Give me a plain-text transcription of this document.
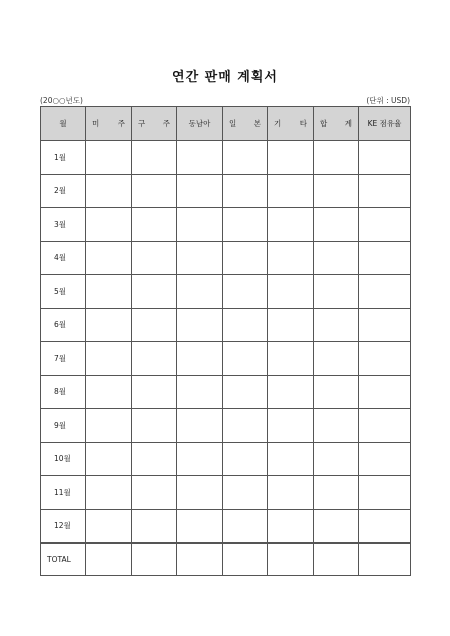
연간 판매 계획서
(20○○년도)	(단위 : USD)
월	미 주	구 주	동남아	일 본	기 타	합 계	KE 점유율

1월							
2월							
3월							
4월							
5월							
6월							
7월							
8월							
9월							
10월							
11월							
12월							
TOTAL							
